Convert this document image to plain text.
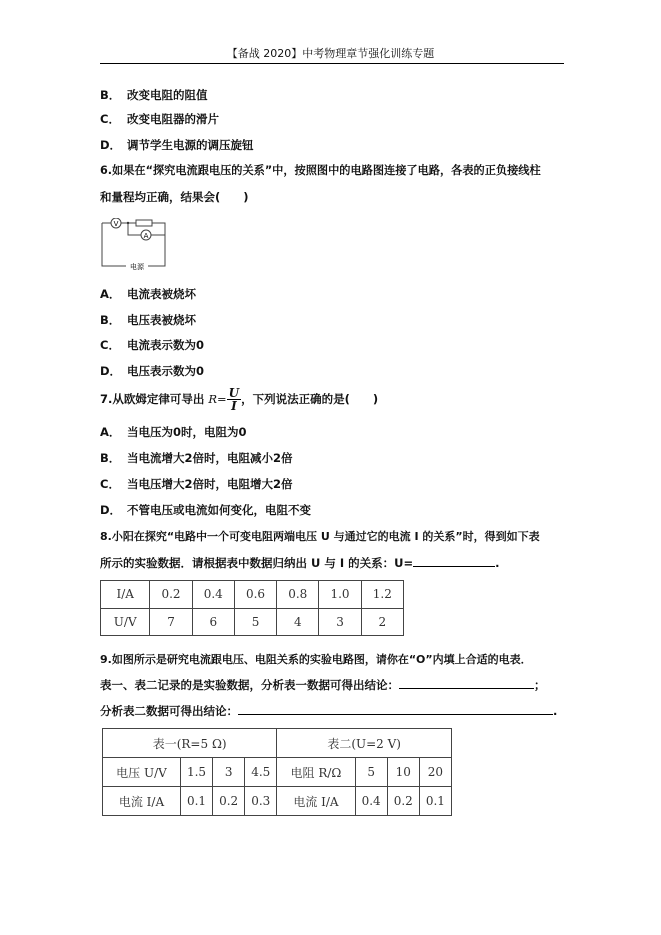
【备战 2020】中考物理章节强化训练专题
B． 改变电阻的阻值
C． 改变电阻器的滑片
D． 调节学生电源的调压旋钮
6.如果在“探究电流跟电压的关系”中，按照图中的电路图连接了电路，各表的正负接线柱
和量程均正确，结果会(　　)
V
A
电源
A． 电流表被烧坏
B． 电压表被烧坏
C． 电流表示数为0
D． 电压表示数为0
7.从欧姆定律可导出 $R= \frac{U}{I}$ ，下列说法正确的是(　　)
A． 当电压为0时，电阻为0
B． 当电流增大2倍时，电阻减小2倍
C． 当电压增大2倍时，电阻增大2倍
D． 不管电压或电流如何变化，电阻不变
8.小阳在探究“电路中一个可变电阻两端电压 U 与通过它的电流 I 的关系”时，得到如下表
所示的实验数据．请根据表中数据归纳出 U 与 I 的关系：U=	.
I/A	0.2	0.4	0.6	0.8	1.0	1.2
U/V	7	6	5	4	3	2
9.如图所示是研究电流跟电压、电阻关系的实验电路图，请你在“O”内填上合适的电表．
表一、表二记录的是实验数据，分析表一数据可得出结论：	；
分析表二数据可得出结论：	.
表一(R=5 Ω)				表二(U=2 V)			
电压 U/V	1.5	3	4.5	电阻 R/Ω	5	10	20
电流 I/A	0.1	0.2	0.3	电流 I/A	0.4	0.2	0.1
